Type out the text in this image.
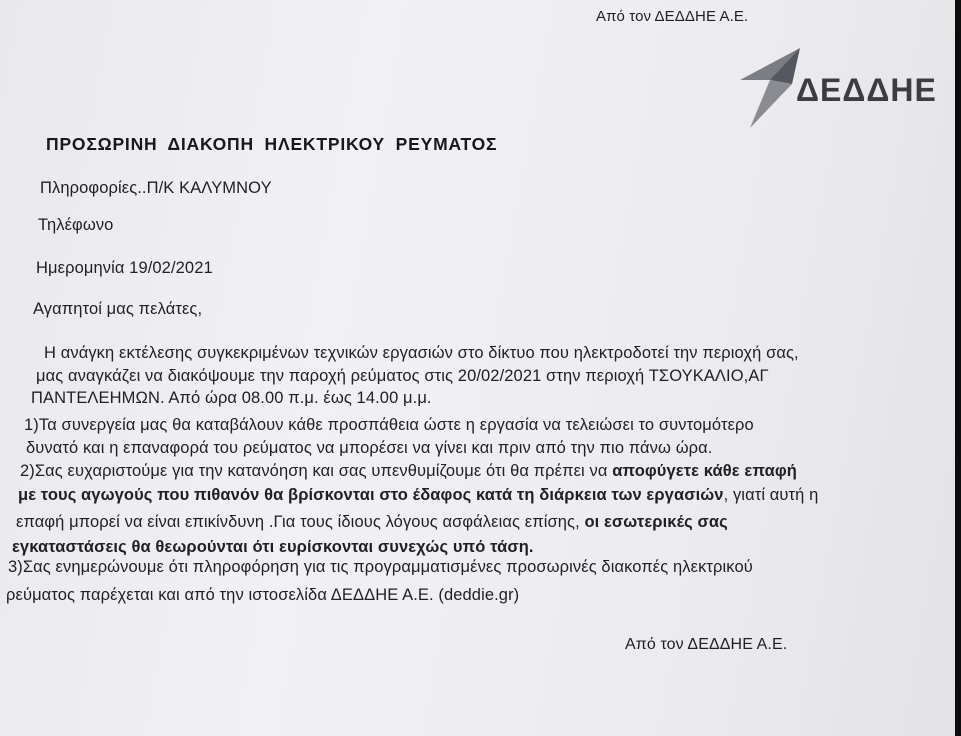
Από τον ΔΕΔΔΗΕ Α.Ε.
ΔΕΔΔΗΕ
ΠΡΟΣΩΡΙΝΗ ΔΙΑΚΟΠΗ ΗΛΕΚΤΡΙΚΟΥ ΡΕΥΜΑΤΟΣ
Πληροφορίες..Π/Κ ΚΑΛΥΜΝΟΥ
Τηλέφωνο
Ημερομηνία 19/02/2021
Αγαπητοί μας πελάτες,
Η ανάγκη εκτέλεσης συγκεκριμένων τεχνικών εργασιών στο δίκτυο που ηλεκτροδοτεί την περιοχή σας,
μας αναγκάζει να διακόψουμε την παροχή ρεύματος στις 20/02/2021 στην περιοχή ΤΣΟΥΚΑΛΙΟ,ΑΓ
ΠΑΝΤΕΛΕΗΜΩΝ. Από ώρα 08.00 π.μ. έως 14.00 μ.μ.
1)Τα συνεργεία μας θα καταβάλουν κάθε προσπάθεια ώστε η εργασία να τελειώσει το συντομότερο
δυνατό και η επαναφορά του ρεύματος να μπορέσει να γίνει και πριν από την πιο πάνω ώρα.
2)Σας ευχαριστούμε για την κατανόηση και σας υπενθυμίζουμε ότι θα πρέπει να αποφύγετε κάθε επαφή
με τους αγωγούς που πιθανόν θα βρίσκονται στο έδαφος κατά τη διάρκεια των εργασιών, γιατί αυτή η
επαφή μπορεί να είναι επικίνδυνη .Για τους ίδιους λόγους ασφάλειας επίσης, οι εσωτερικές σας
εγκαταστάσεις θα θεωρούνται ότι ευρίσκονται συνεχώς υπό τάση.
3)Σας ενημερώνουμε ότι πληροφόρηση για τις προγραμματισμένες προσωρινές διακοπές ηλεκτρικού
ρεύματος παρέχεται και από την ιστοσελίδα ΔΕΔΔΗΕ Α.Ε. (deddie.gr)
Από τον ΔΕΔΔΗΕ Α.Ε.
